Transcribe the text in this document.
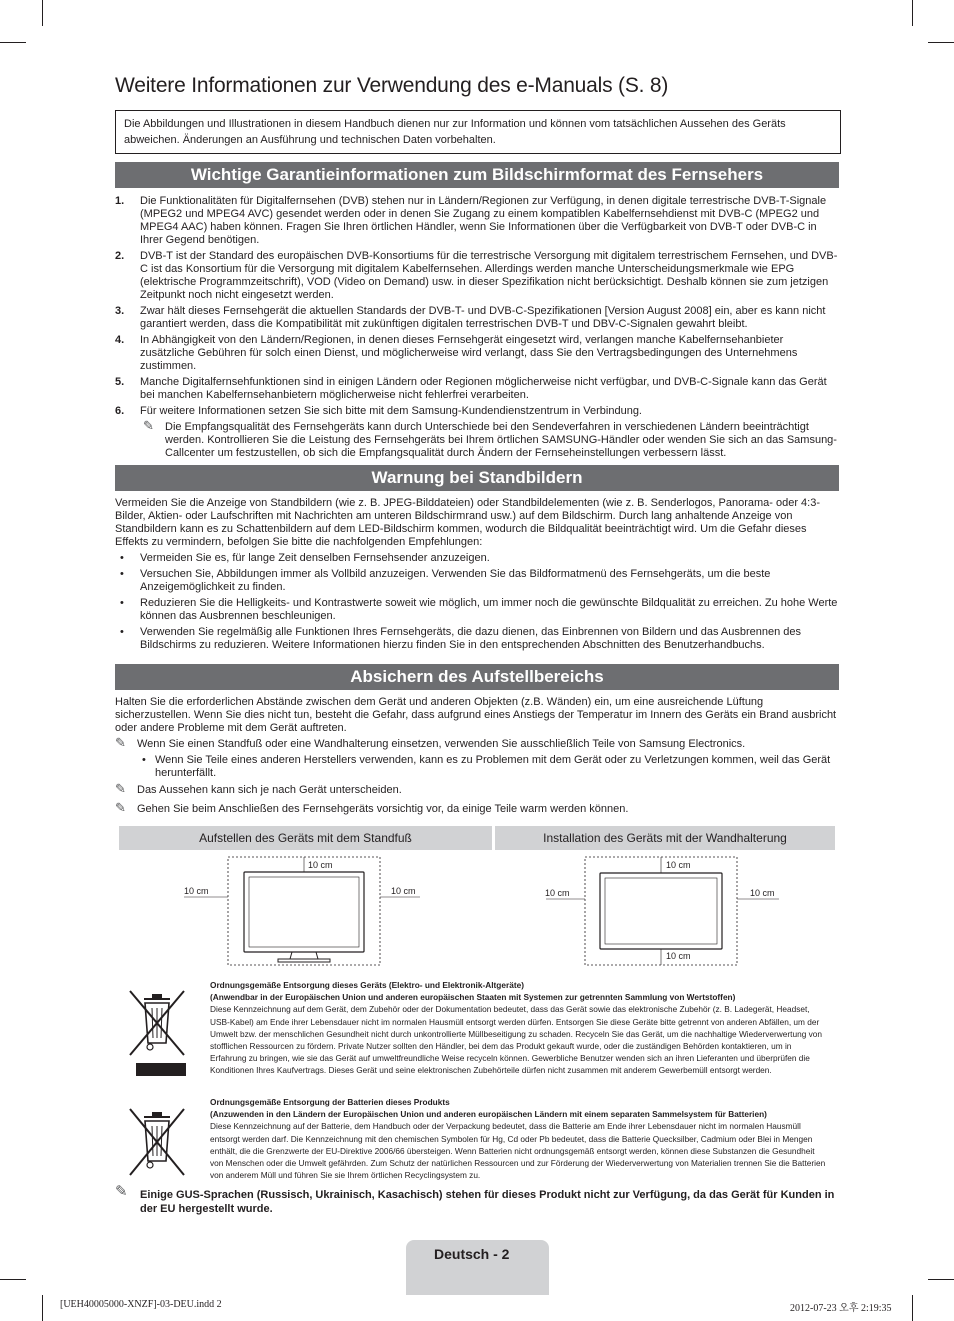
Weitere Informationen zur Verwendung des e-Manuals (S. 8)
Die Abbildungen und Illustrationen in diesem Handbuch dienen nur zur Information und können vom tatsächlichen Aussehen des Geräts abweichen. Änderungen an Ausführung und technischen Daten vorbehalten.
Wichtige Garantieinformationen zum Bildschirmformat des Fernsehers
1. Die Funktionalitäten für Digitalfernsehen (DVB) stehen nur in Ländern/Regionen zur Verfügung, in denen digitale terrestrische DVB-T-Signale (MPEG2 und MPEG4 AVC) gesendet werden oder in denen Sie Zugang zu einem kompatiblen Kabelfernsehdienst mit DVB-C (MPEG2 und MPEG4 AAC) haben können. Fragen Sie Ihren örtlichen Händler, wenn Sie Informationen über die Verfügbarkeit von DVB-T oder DVB-C in Ihrer Gegend benötigen.
2. DVB-T ist der Standard des europäischen DVB-Konsortiums für die terrestrische Versorgung mit digitalem terrestrischem Fernsehen, und DVB-C ist das Konsortium für die Versorgung mit digitalem Kabelfernsehen. Allerdings werden manche Unterscheidungsmerkmale wie EPG (elektrische Programmzeitschrift), VOD (Video on Demand) usw. in dieser Spezifikation nicht berücksichtigt. Deshalb können sie zum jetzigen Zeitpunkt noch nicht eingesetzt werden.
3. Zwar hält dieses Fernsehgerät die aktuellen Standards der DVB-T- und DVB-C-Spezifikationen [Version August 2008] ein, aber es kann nicht garantiert werden, dass die Kompatibilität mit zukünftigen digitalen terrestrischen DVB-T und DBV-C-Signalen gewahrt bleibt.
4. In Abhängigkeit von den Ländern/Regionen, in denen dieses Fernsehgerät eingesetzt wird, verlangen manche Kabelfernsehanbieter zusätzliche Gebühren für solch einen Dienst, und möglicherweise wird verlangt, dass Sie den Vertragsbedingungen des Unternehmens zustimmen.
5. Manche Digitalfernsehfunktionen sind in einigen Ländern oder Regionen möglicherweise nicht verfügbar, und DVB-C-Signale kann das Gerät bei manchen Kabelfernsehanbietern möglicherweise nicht fehlerfrei verarbeiten.
6. Für weitere Informationen setzen Sie sich bitte mit dem Samsung-Kundendienstzentrum in Verbindung.
✎ Die Empfangsqualität des Fernsehgeräts kann durch Unterschiede bei den Sendeverfahren in verschiedenen Ländern beeinträchtigt werden. Kontrollieren Sie die Leistung des Fernsehgeräts bei Ihrem örtlichen SAMSUNG-Händler oder wenden Sie sich an das Samsung-Callcenter um festzustellen, ob sich die Empfangsqualität durch Ändern der Fernseheinstellungen verbessern lässt.
Warnung bei Standbildern
Vermeiden Sie die Anzeige von Standbildern (wie z. B. JPEG-Bilddateien) oder Standbildelementen (wie z. B. Senderlogos, Panorama- oder 4:3-Bilder, Aktien- oder Laufschriften mit Nachrichten am unteren Bildschirmrand usw.) auf dem Bildschirm. Durch lang anhaltende Anzeige von Standbildern kann es zu Schattenbildern auf dem LED-Bildschirm kommen, wodurch die Bildqualität beeinträchtigt wird. Um die Gefahr dieses Effekts zu vermindern, befolgen Sie bitte die nachfolgenden Empfehlungen:
• Vermeiden Sie es, für lange Zeit denselben Fernsehsender anzuzeigen.
• Versuchen Sie, Abbildungen immer als Vollbild anzuzeigen. Verwenden Sie das Bildformatmenü des Fernsehgeräts, um die beste Anzeigemöglichkeit zu finden.
• Reduzieren Sie die Helligkeits- und Kontrastwerte soweit wie möglich, um immer noch die gewünschte Bildqualität zu erreichen. Zu hohe Werte können das Ausbrennen beschleunigen.
• Verwenden Sie regelmäßig alle Funktionen Ihres Fernsehgeräts, die dazu dienen, das Einbrennen von Bildern und das Ausbrennen des Bildschirms zu reduzieren. Weitere Informationen hierzu finden Sie in den entsprechenden Abschnitten des Benutzerhandbuchs.
Absichern des Aufstellbereichs
Halten Sie die erforderlichen Abstände zwischen dem Gerät und anderen Objekten (z.B. Wänden) ein, um eine ausreichende Lüftung sicherzustellen. Wenn Sie dies nicht tun, besteht die Gefahr, dass aufgrund eines Anstiegs der Temperatur im Innern des Geräts ein Brand ausbricht oder andere Probleme mit dem Gerät auftreten.
✎ Wenn Sie einen Standfuß oder eine Wandhalterung einsetzen, verwenden Sie ausschließlich Teile von Samsung Electronics.
• Wenn Sie Teile eines anderen Herstellers verwenden, kann es zu Problemen mit dem Gerät oder zu Verletzungen kommen, weil das Gerät herunterfällt.
✎ Das Aussehen kann sich je nach Gerät unterscheiden.
✎ Gehen Sie beim Anschließen des Fernsehgeräts vorsichtig vor, da einige Teile warm werden können.
Aufstellen des Geräts mit dem Standfuß	Installation des Geräts mit der Wandhalterung
10 cm
10 cm	10 cm
10 cm
10 cm
10 cm	10 cm
Ordnungsgemäße Entsorgung dieses Geräts (Elektro- und Elektronik-Altgeräte)
(Anwendbar in der Europäischen Union und anderen europäischen Staaten mit Systemen zur getrennten Sammlung von Wertstoffen)
Diese Kennzeichnung auf dem Gerät, dem Zubehör oder der Dokumentation bedeutet, dass das Gerät sowie das elektronische Zubehör (z. B. Ladegerät, Headset, USB-Kabel) am Ende ihrer Lebensdauer nicht im normalen Hausmüll entsorgt werden dürfen. Entsorgen Sie diese Geräte bitte getrennt von anderen Abfällen, um der Umwelt bzw. der menschlichen Gesundheit nicht durch unkontrollierte Müllbeseitigung zu schaden. Recyceln Sie das Gerät, um die nachhaltige Wiederverwertung von stofflichen Ressourcen zu fördern. Private Nutzer sollten den Händler, bei dem das Produkt gekauft wurde, oder die zuständigen Behörden kontaktieren, um in Erfahrung zu bringen, wie sie das Gerät auf umweltfreundliche Weise recyceln können. Gewerbliche Benutzer wenden sich an ihren Lieferanten und überprüfen die Konditionen Ihres Kaufvertrags. Dieses Gerät und seine elektronischen Zubehörteile dürfen nicht zusammen mit anderem Gewerbemüll entsorgt werden.
Ordnungsgemäße Entsorgung der Batterien dieses Produkts
(Anzuwenden in den Ländern der Europäischen Union und anderen europäischen Ländern mit einem separaten Sammelsystem für Batterien)
Diese Kennzeichnung auf der Batterie, dem Handbuch oder der Verpackung bedeutet, dass die Batterie am Ende ihrer Lebensdauer nicht im normalen Hausmüll entsorgt werden darf. Die Kennzeichnung mit den chemischen Symbolen für Hg, Cd oder Pb bedeutet, dass die Batterie Quecksilber, Cadmium oder Blei in Mengen enthält, die die Grenzwerte der EU-Direktive 2006/66 übersteigen. Wenn Batterien nicht ordnungsgemäß entsorgt werden, können diese Substanzen die Gesundheit von Menschen oder die Umwelt gefährden. Zum Schutz der natürlichen Ressourcen und zur Förderung der Wiederverwertung von Materialien trennen Sie die Batterien von anderem Müll und führen Sie sie Ihrem örtlichen Recyclingsystem zu.
✎	Einige GUS-Sprachen (Russisch, Ukrainisch, Kasachisch) stehen für dieses Produkt nicht zur Verfügung, da das Gerät für Kunden in der EU hergestellt wurde.
Deutsch - 2
[UEH40005000-XNZF]-03-DEU.indd 2	2012-07-23 오후 2:19:35
